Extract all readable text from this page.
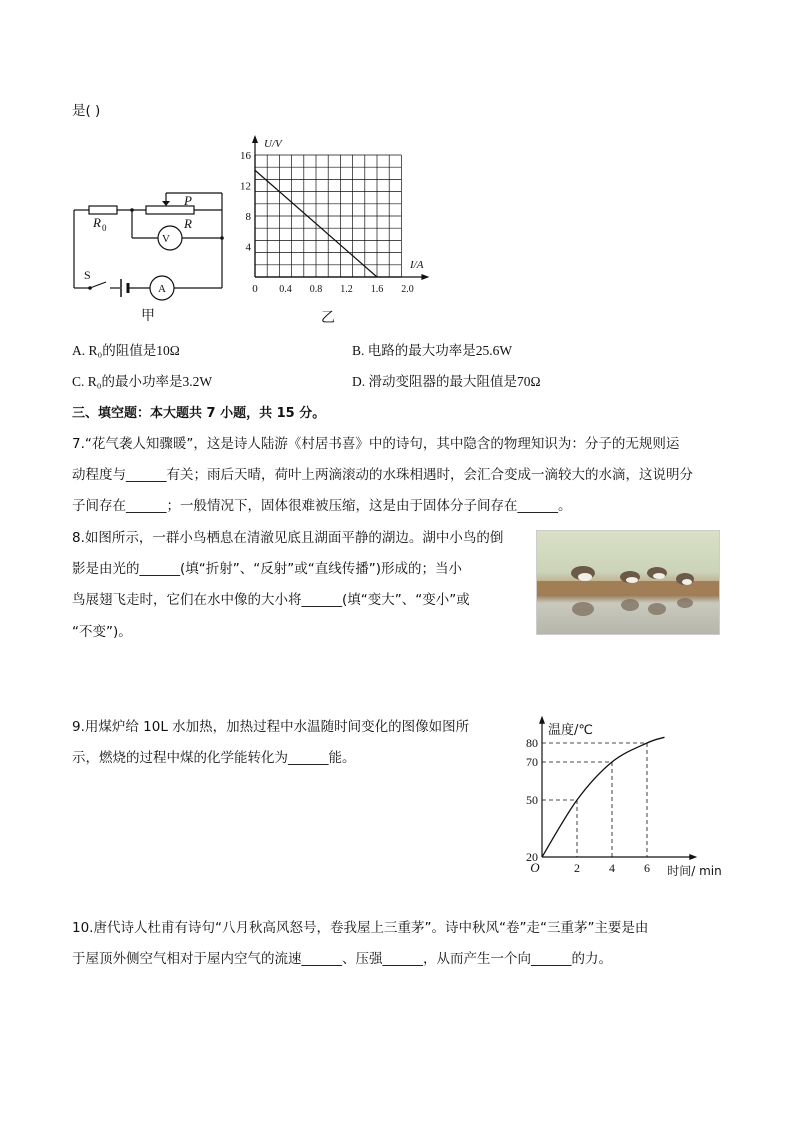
是( )
P
R
R 0
V
A
S
甲
4
8
12
16
0.4 0.8 1.2 1.6 2.0
U/V
I/A
0
乙
A. R₀的阻值是10Ω	B. 电路的最大功率是25.6W
C. R₀的最小功率是3.2W	D. 滑动变阻器的最大阻值是70Ω
三、填空题：本大题共 7 小题，共 15 分。
7.“花气袭人知骤暖”，这是诗人陆游《村居书喜》中的诗句，其中隐含的物理知识为：分子的无规则运
动程度与______有关；雨后天晴，荷叶上两滴滚动的水珠相遇时，会汇合变成一滴较大的水滴，这说明分
子间存在______；一般情况下，固体很难被压缩，这是由于固体分子间存在______。
8.如图所示，一群小鸟栖息在清澈见底且湖面平静的湖边。湖中小鸟的倒
影是由光的______(填“折射”、“反射”或“直线传播”)形成的；当小
鸟展翅飞走时，它们在水中像的大小将______(填“变大”、“变小”或
“不变”)。
9.用煤炉给 10L 水加热，加热过程中水温随时间变化的图像如图所
示，燃烧的过程中煤的化学能转化为______能。
温度/℃
时间/ min
O
20
50
70
80
2 4 6
10.唐代诗人杜甫有诗句“八月秋高风怒号，卷我屋上三重茅”。诗中秋风“卷”走“三重茅”主要是由
于屋顶外侧空气相对于屋内空气的流速______、压强______，从而产生一个向______的力。
